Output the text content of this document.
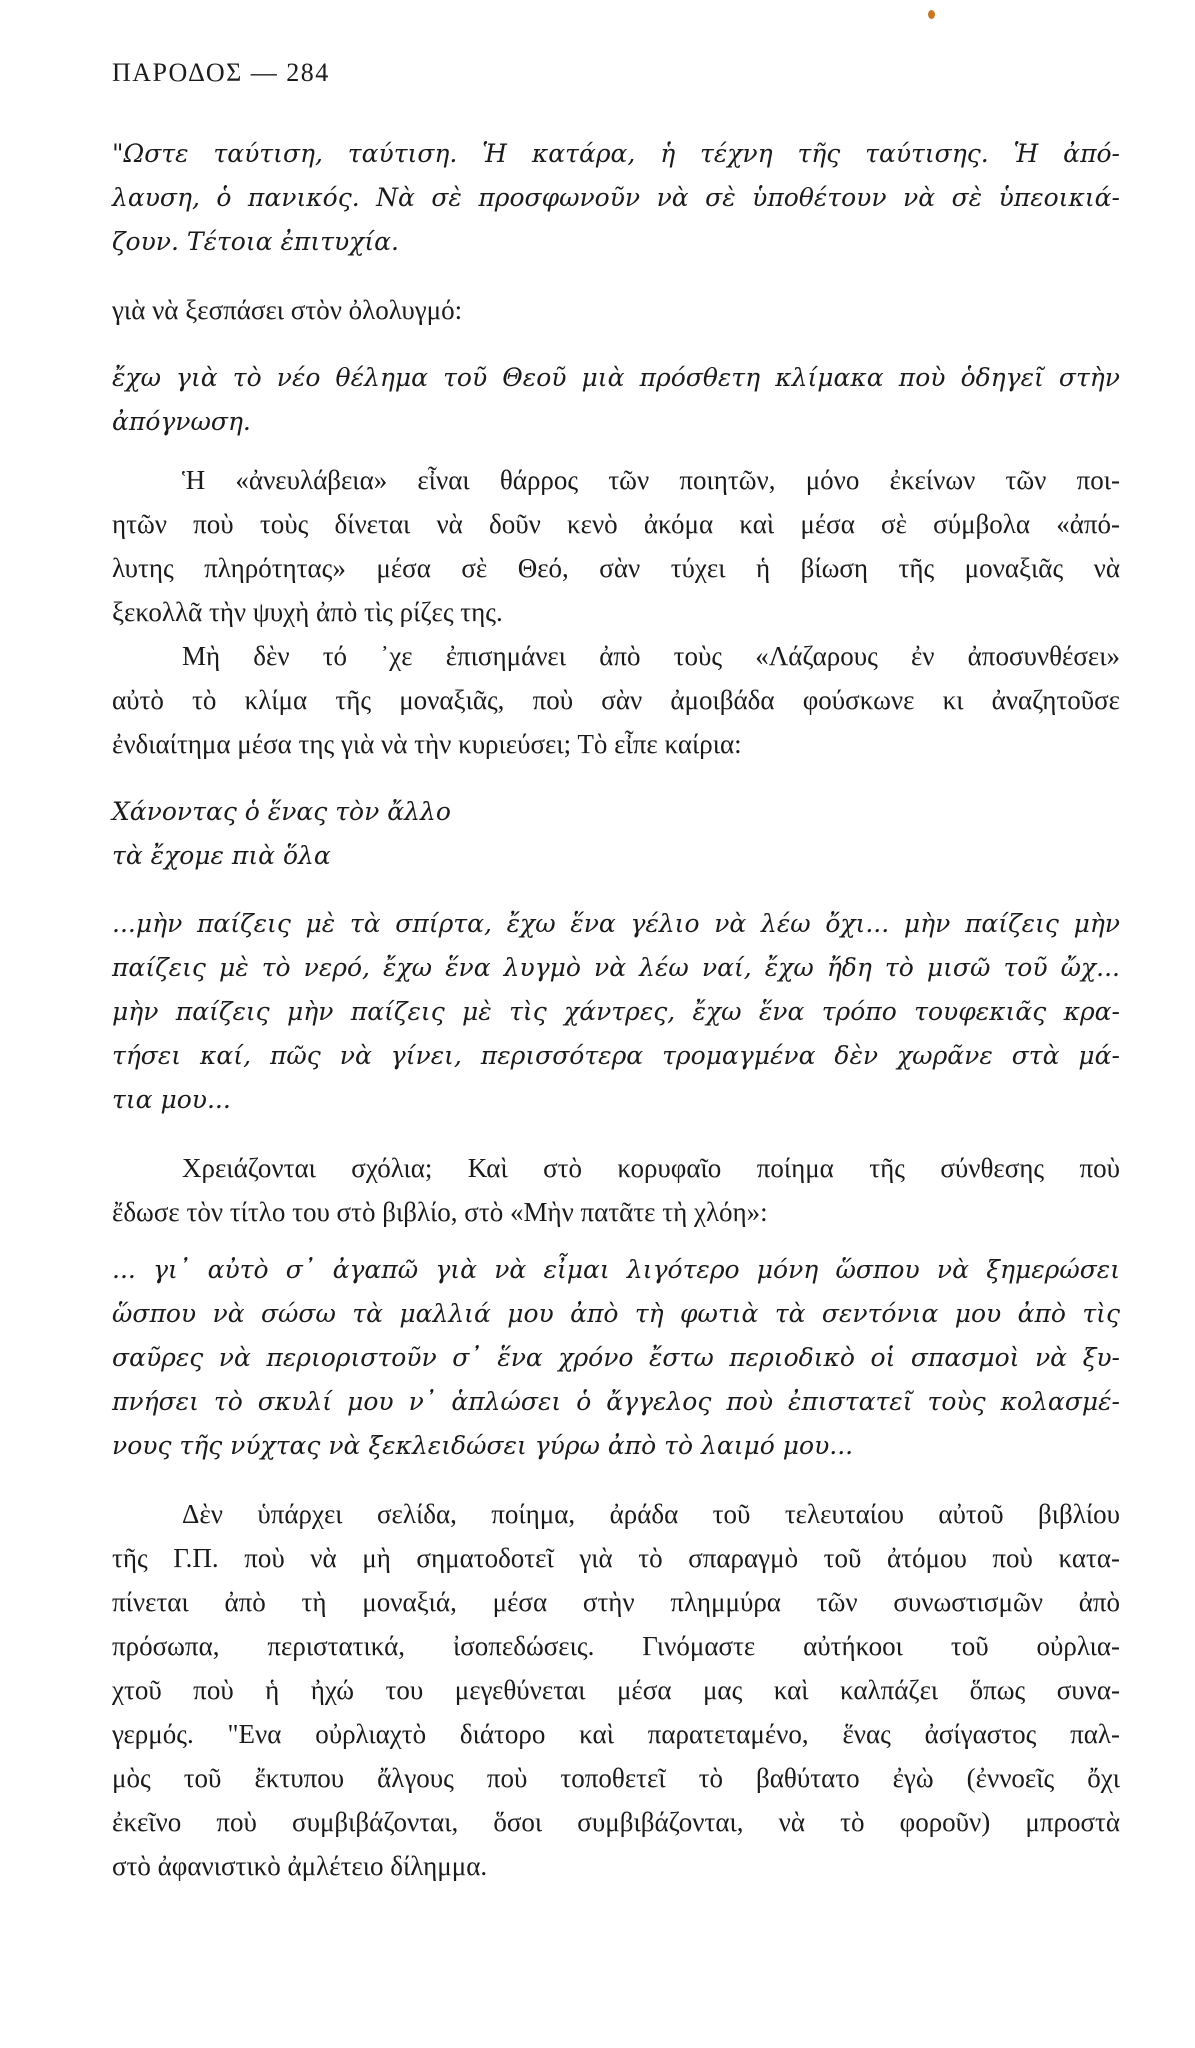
ΠΑΡΟΔΟΣ — 284
"Ωστε ταύτιση, ταύτιση. Ἡ κατάρα, ἡ τέχνη τῆς ταύτισης. Ἡ ἀπό-
λαυση, ὁ πανικός. Νὰ σὲ προσφωνοῦν νὰ σὲ ὑποθέτουν νὰ σὲ ὑπεοικιά-
ζουν. Τέτοια ἐπιτυχία.
γιὰ νὰ ξεσπάσει στὸν ὀλολυγμό:
ἔχω γιὰ τὸ νέο θέλημα τοῦ Θεοῦ μιὰ πρόσθετη κλίμακα ποὺ ὁδηγεῖ στὴν
ἀπόγνωση.
Ἡ «ἀνευλάβεια» εἶναι θάρρος τῶν ποιητῶν, μόνο ἐκείνων τῶν ποι-
ητῶν ποὺ τοὺς δίνεται νὰ δοῦν κενὸ ἀκόμα καὶ μέσα σὲ σύμβολα «ἀπό-
λυτης πληρότητας» μέσα σὲ Θεό, σὰν τύχει ἡ βίωση τῆς μοναξιᾶς νὰ
ξεκολλᾶ τὴν ψυχὴ ἀπὸ τὶς ρίζες της.
Μὴ δὲν τό ᾽χε ἐπισημάνει ἀπὸ τοὺς «Λάζαρους ἐν ἀποσυνθέσει»
αὐτὸ τὸ κλίμα τῆς μοναξιᾶς, ποὺ σὰν ἀμοιβάδα φούσκωνε κι ἀναζητοῦσε
ἐνδιαίτημα μέσα της γιὰ νὰ τὴν κυριεύσει; Τὸ εἶπε καίρια:
Χάνοντας ὁ ἕνας τὸν ἄλλο
τὰ ἔχομε πιὰ ὅλα
...μὴν παίζεις μὲ τὰ σπίρτα, ἔχω ἕνα γέλιο νὰ λέω ὄχι... μὴν παίζεις μὴν
παίζεις μὲ τὸ νερό, ἔχω ἕνα λυγμὸ νὰ λέω ναί, ἔχω ἤδη τὸ μισῶ τοῦ ὤχ...
μὴν παίζεις μὴν παίζεις μὲ τὶς χάντρες, ἔχω ἕνα τρόπο τουφεκιᾶς κρα-
τήσει καί, πῶς νὰ γίνει, περισσότερα τρομαγμένα δὲν χωρᾶνε στὰ μά-
τια μου...
Χρειάζονται σχόλια; Καὶ στὸ κορυφαῖο ποίημα τῆς σύνθεσης ποὺ
ἔδωσε τὸν τίτλο του στὸ βιβλίο, στὸ «Μὴν πατᾶτε τὴ χλόη»:
... γι᾽ αὐτὸ σ᾽ ἀγαπῶ γιὰ νὰ εἶμαι λιγότερο μόνη ὥσπου νὰ ξημερώσει
ὥσπου νὰ σώσω τὰ μαλλιά μου ἀπὸ τὴ φωτιὰ τὰ σεντόνια μου ἀπὸ τὶς
σαῦρες νὰ περιοριστοῦν σ᾽ ἕνα χρόνο ἔστω περιοδικὸ οἱ σπασμοὶ νὰ ξυ-
πνήσει τὸ σκυλί μου ν᾽ ἁπλώσει ὁ ἄγγελος ποὺ ἐπιστατεῖ τοὺς κολασμέ-
νους τῆς νύχτας νὰ ξεκλειδώσει γύρω ἀπὸ τὸ λαιμό μου...
Δὲν ὑπάρχει σελίδα, ποίημα, ἀράδα τοῦ τελευταίου αὐτοῦ βιβλίου
τῆς Γ.Π. ποὺ νὰ μὴ σηματοδοτεῖ γιὰ τὸ σπαραγμὸ τοῦ ἀτόμου ποὺ κατα-
πίνεται ἀπὸ τὴ μοναξιά, μέσα στὴν πλημμύρα τῶν συνωστισμῶν ἀπὸ
πρόσωπα, περιστατικά, ἰσοπεδώσεις. Γινόμαστε αὐτήκοοι τοῦ οὐρλια-
χτοῦ ποὺ ἡ ἠχώ του μεγεθύνεται μέσα μας καὶ καλπάζει ὅπως συνα-
γερμός. "Ενα οὐρλιαχτὸ διάτορο καὶ παρατεταμένο, ἕνας ἀσίγαστος παλ-
μὸς τοῦ ἔκτυπου ἄλγους ποὺ τοποθετεῖ τὸ βαθύτατο ἐγὼ (ἐννοεῖς ὄχι
ἐκεῖνο ποὺ συμβιβάζονται, ὅσοι συμβιβάζονται, νὰ τὸ φοροῦν) μπροστὰ
στὸ ἀφανιστικὸ ἀμλέτειο δίλημμα.
